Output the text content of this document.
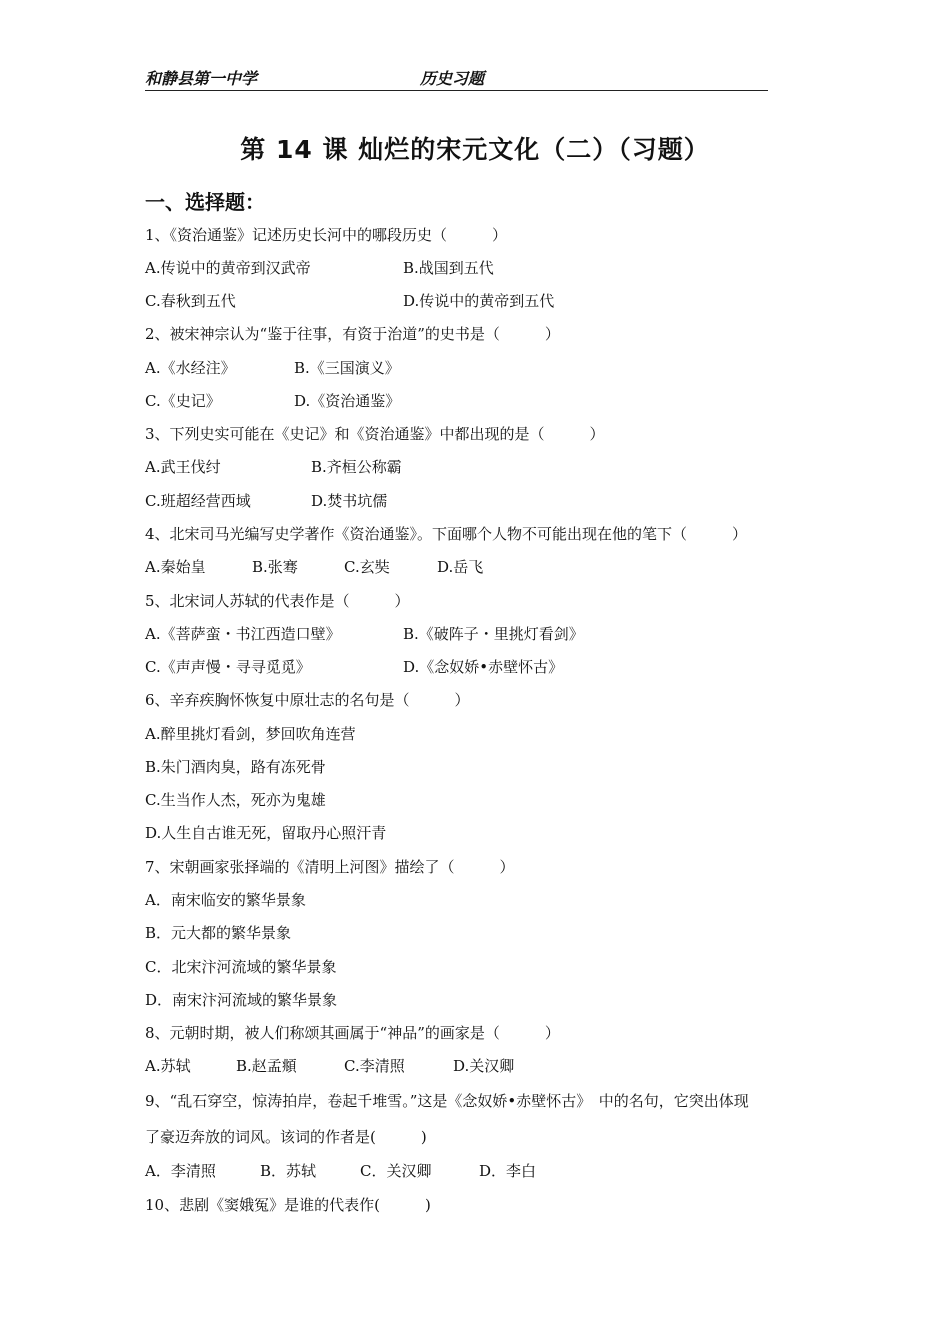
和静县第一中学	历史习题
第 14 课 灿烂的宋元文化（二）（习题）
一、选择题：
1、《资治通鉴》记述历史长河中的哪段历史（　　　）
A.传说中的黄帝到汉武帝	B.战国到五代
C.春秋到五代	D.传说中的黄帝到五代
2、被宋神宗认为“鉴于往事，有资于治道”的史书是（　　　）
A.《水经注》	B.《三国演义》
C.《史记》	D.《资治通鉴》
3、下列史实可能在《史记》和《资治通鉴》中都出现的是（　　　）
A.武王伐纣	B.齐桓公称霸
C.班超经营西域	D.焚书坑儒
4、北宋司马光编写史学著作《资治通鉴》。下面哪个人物不可能出现在他的笔下（　　　）
A.秦始皇	B.张骞	C.玄奘	D.岳飞
5、北宋词人苏轼的代表作是（　　　）
A.《菩萨蛮・书江西造口壁》	B.《破阵子・里挑灯看剑》
C.《声声慢・寻寻觅觅》	D.《念奴娇•赤壁怀古》
6、辛弃疾胸怀恢复中原壮志的名句是（　　　）
A.醉里挑灯看剑，梦回吹角连营
B.朱门酒肉臭，路有冻死骨
C.生当作人杰，死亦为鬼雄
D.人生自古谁无死，留取丹心照汗青
7、宋朝画家张择端的《清明上河图》描绘了（　　　）
A．南宋临安的繁华景象
B．元大都的繁华景象
C．北宋汴河流域的繁华景象
D．南宋汴河流域的繁华景象
8、元朝时期，被人们称颂其画属于“神品”的画家是（　　　）
A.苏轼	B.赵孟頫	C.李清照	D.关汉卿
9、“乱石穿空，惊涛拍岸，卷起千堆雪。”这是《念奴娇•赤壁怀古》　中的名句，它突出体现
了豪迈奔放的词风。该词的作者是(　　　)
A．李清照	B．苏轼	C．关汉卿	D．李白
10、悲剧《窦娥冤》是谁的代表作(　　　)
